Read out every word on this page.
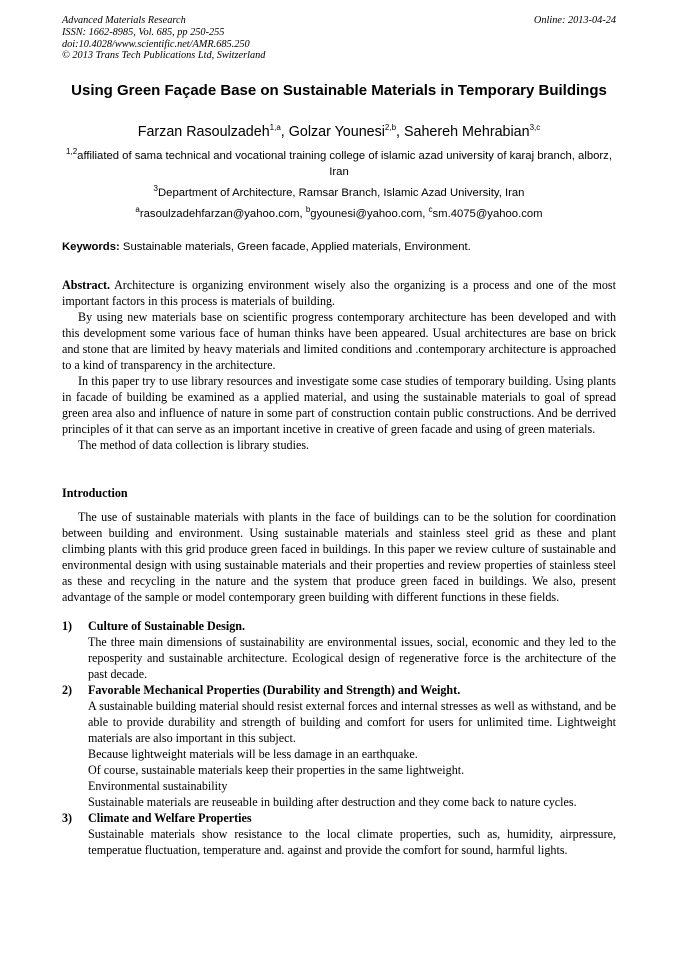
Advanced Materials Research
ISSN: 1662-8985, Vol. 685, pp 250-255
doi:10.4028/www.scientific.net/AMR.685.250
© 2013 Trans Tech Publications Ltd, Switzerland
Online: 2013-04-24
Using Green Façade Base on Sustainable Materials in Temporary Buildings
Farzan Rasoulzadeh$^{1,a}$, Golzar Younesi$^{2,b}$, Sahereh Mehrabian$^{3,c}$
$^{1,2}$affiliated of sama technical and vocational training college of islamic azad university of karaj branch, alborz, Iran
$^3$Department of Architecture, Ramsar Branch, Islamic Azad University, Iran
$^a$rasoulzadehfarzan@yahoo.com, $^b$gyounesi@yahoo.com, $^c$sm.4075@yahoo.com
Keywords: Sustainable materials, Green facade, Applied materials, Environment.

Abstract. Architecture is organizing environment wisely also the organizing is a process and one of the most important factors in this process is materials of building.

By using new materials base on scientific progress contemporary architecture has been developed and with this development some various face of human thinks have been appeared. Usual architectures are base on brick and stone that are limited by heavy materials and limited conditions and .contemporary architecture is approached to a kind of transparency in the architecture.

In this paper try to use library resources and investigate some case studies of temporary building. Using plants in facade of building be examined as a applied material, and using the sustainable materials to goal of spread green area also and influence of nature in some part of construction contain public constructions. And be derrived principles of it that can serve as an important incetive in creative of green facade and using of green materials.

The method of data collection is library studies.

Introduction

The use of sustainable materials with plants in the face of buildings can to be the solution for coordination between building and environment. Using sustainable materials and stainless steel grid as these and plant climbing plants with this grid produce green faced in buildings. In this paper we review culture of sustainable and environmental design with using sustainable materials and their properties and review properties of stainless steel as these and recycling in the nature and the system that produce green faced in buildings. We also, present advantage of the sample or model contemporary green building with different functions in these fields.

1) Culture of Sustainable Design.

The three main dimensions of sustainability are environmental issues, social, economic and they led to the reposperity and sustainable architecture. Ecological design of regenerative force is the architecture of the past decade.

2) Favorable Mechanical Properties (Durability and Strength) and Weight.

A sustainable building material should resist external forces and internal stresses as well as withstand, and be able to provide durability and strength of building and comfort for users for unlimited time. Lightweight materials are also important in this subject.

Because lightweight materials will be less damage in an earthquake.

Of course, sustainable materials keep their properties in the same lightweight.

Environmental sustainability

Sustainable materials are reuseable in building after destruction and they come back to nature cycles.

3) Climate and Welfare Properties

Sustainable materials show resistance to the local climate properties, such as, humidity, airpressure, temperatue fluctuation, temperature and. against and provide the comfort for sound, harmful lights.
